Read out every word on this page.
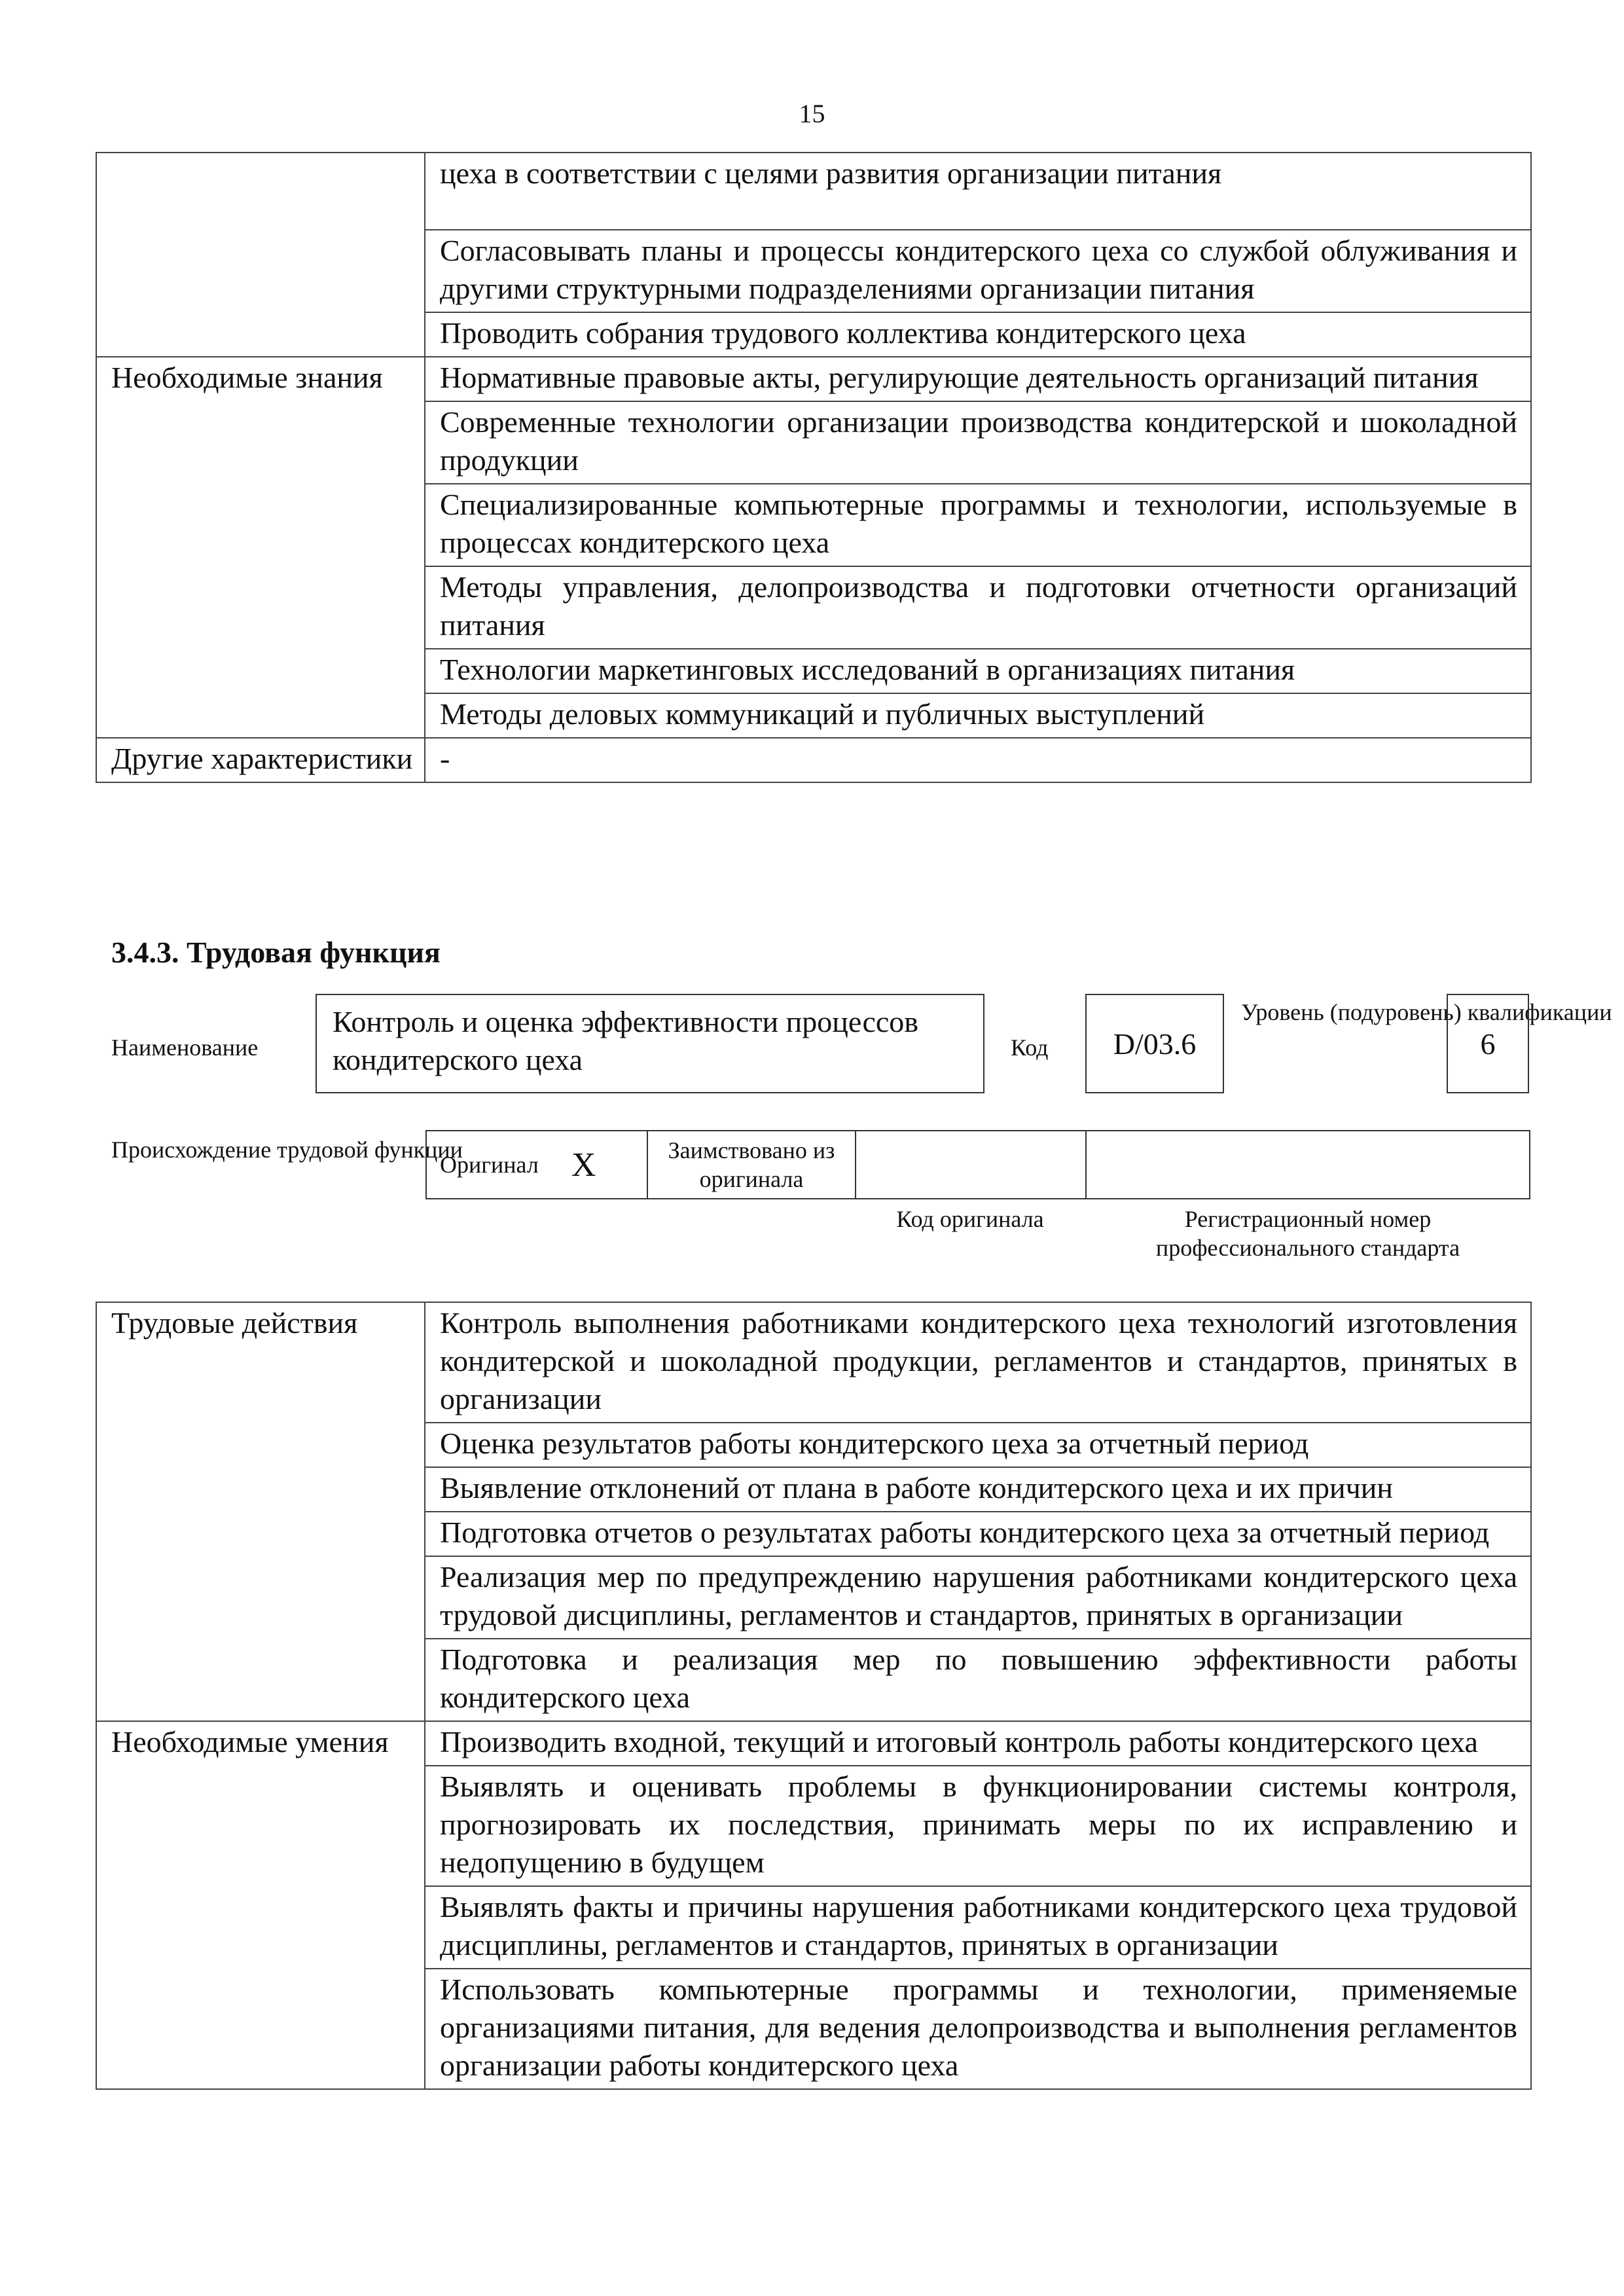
15
	цеха в соответствии с целями развития организации питания
	Согласовывать планы и процессы кондитерского цеха со службой облуживания и другими структурными подразделениями организации питания
	Проводить собрания трудового коллектива кондитерского цеха
Необходимые знания	Нормативные правовые акты, регулирующие деятельность организаций питания
	Современные технологии организации производства кондитерской и шоколадной продукции
	Специализированные компьютерные программы и технологии, используемые в процессах кондитерского цеха
	Методы управления, делопроизводства и подготовки отчетности организаций питания
	Технологии маркетинговых исследований в организациях питания
	Методы деловых коммуникаций и публичных выступлений
Другие характеристики	-
3.4.3. Трудовая функция
Наименование
Контроль и оценка эффективности процессов кондитерского цеха	Код	D/03.6
Уровень (подуровень) квалификации
6
Происхождение трудовой функции
Оригинал X	Заимствовано из оригинала
Код оригинала	Регистрационный номер профессионального стандарта
Трудовые действия	Контроль выполнения работниками кондитерского цеха технологий изготовления кондитерской и шоколадной продукции, регламентов и стандартов, принятых в организации
	Оценка результатов работы кондитерского цеха за отчетный период
	Выявление отклонений от плана в работе кондитерского цеха и их причин
	Подготовка отчетов о результатах работы кондитерского цеха за отчетный период
	Реализация мер по предупреждению нарушения работниками кондитерского цеха трудовой дисциплины, регламентов и стандартов, принятых в организации
	Подготовка и реализация мер по повышению эффективности работы кондитерского цеха
Необходимые умения	Производить входной, текущий и итоговый контроль работы кондитерского цеха
	Выявлять и оценивать проблемы в функционировании системы контроля, прогнозировать их последствия, принимать меры по их исправлению и недопущению в будущем
	Выявлять факты и причины нарушения работниками кондитерского цеха трудовой дисциплины, регламентов и стандартов, принятых в организации
	Использовать компьютерные программы и технологии, применяемые организациями питания, для ведения делопроизводства и выполнения регламентов организации работы кондитерского цеха
